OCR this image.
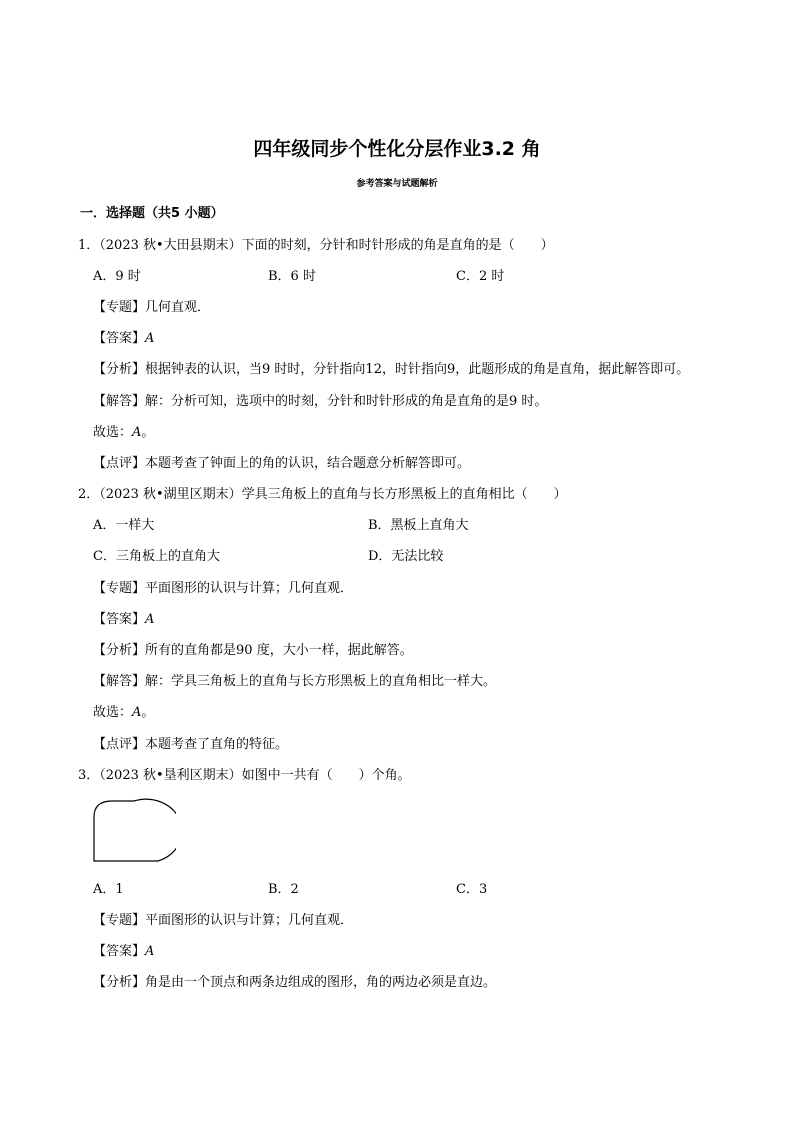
四年级同步个性化分层作业3.2 角
参考答案与试题解析
一．选择题（共5 小题）
1．（2023 秋•大田县期末）下面的时刻，分针和时针形成的角是直角的是（　　）
A．9 时	B．6 时	C．2 时
【专题】几何直观．
【答案】A
【分析】根据钟表的认识，当9 时时，分针指向12，时针指向9，此题形成的角是直角，据此解答即可。
【解答】解：分析可知，选项中的时刻，分针和时针形成的角是直角的是9 时。
故选：A。
【点评】本题考查了钟面上的角的认识，结合题意分析解答即可。
2．（2023 秋•湖里区期末）学具三角板上的直角与长方形黑板上的直角相比（　　）
A．一样大	B．黑板上直角大
C．三角板上的直角大	D．无法比较
【专题】平面图形的认识与计算；几何直观．
【答案】A
【分析】所有的直角都是90 度，大小一样，据此解答。
【解答】解：学具三角板上的直角与长方形黑板上的直角相比一样大。
故选：A。
【点评】本题考查了直角的特征。
3．（2023 秋•垦利区期末）如图中一共有（　　）个角。
A．1	B．2	C．3
【专题】平面图形的认识与计算；几何直观．
【答案】A
【分析】角是由一个顶点和两条边组成的图形，角的两边必须是直边。
